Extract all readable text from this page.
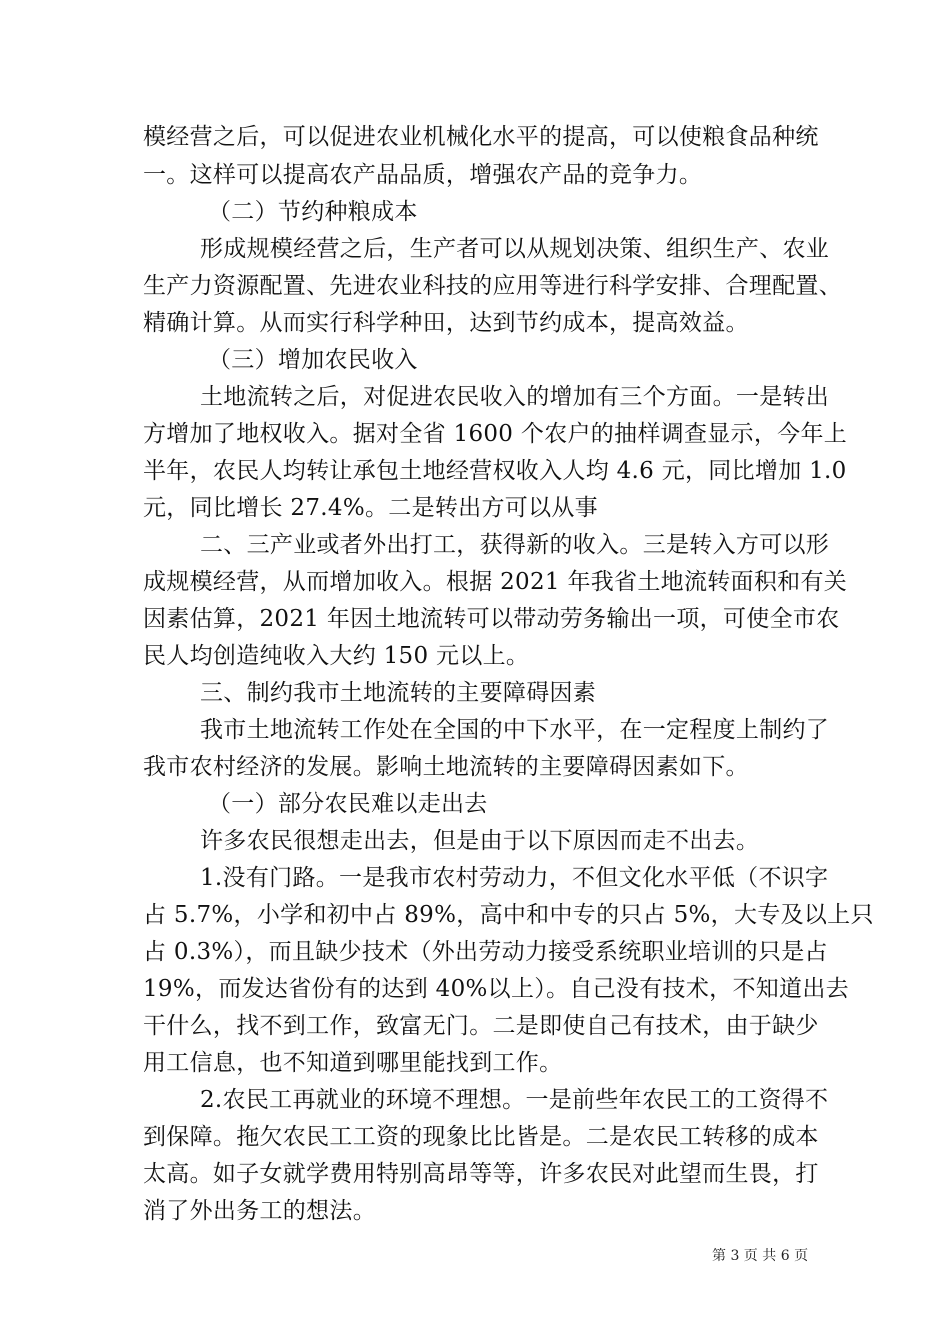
模经营之后，可以促进农业机械化水平的提高，可以使粮食品种统
一。这样可以提高农产品品质，增强农产品的竞争力。
（二）节约种粮成本
形成规模经营之后，生产者可以从规划决策、组织生产、农业
生产力资源配置、先进农业科技的应用等进行科学安排、合理配置、
精确计算。从而实行科学种田，达到节约成本，提高效益。
（三）增加农民收入
土地流转之后，对促进农民收入的增加有三个方面。一是转出
方增加了地权收入。据对全省 1600 个农户的抽样调查显示，今年上
半年，农民人均转让承包土地经营权收入人均 4.6 元，同比增加 1.0
元，同比增长 27.4%。二是转出方可以从事
二、三产业或者外出打工，获得新的收入。三是转入方可以形
成规模经营，从而增加收入。根据 2021 年我省土地流转面积和有关
因素估算，2021 年因土地流转可以带动劳务输出一项，可使全市农
民人均创造纯收入大约 150 元以上。
三、制约我市土地流转的主要障碍因素
我市土地流转工作处在全国的中下水平，在一定程度上制约了
我市农村经济的发展。影响土地流转的主要障碍因素如下。
（一）部分农民难以走出去
许多农民很想走出去，但是由于以下原因而走不出去。
1.没有门路。一是我市农村劳动力，不但文化水平低（不识字
占 5.7%，小学和初中占 89%，高中和中专的只占 5%，大专及以上只
占 0.3%），而且缺少技术（外出劳动力接受系统职业培训的只是占
19%，而发达省份有的达到 40%以上）。自己没有技术，不知道出去
干什么，找不到工作，致富无门。二是即使自己有技术，由于缺少
用工信息，也不知道到哪里能找到工作。
2.农民工再就业的环境不理想。一是前些年农民工的工资得不
到保障。拖欠农民工工资的现象比比皆是。二是农民工转移的成本
太高。如子女就学费用特别高昂等等，许多农民对此望而生畏，打
消了外出务工的想法。
第 3 页 共 6 页
